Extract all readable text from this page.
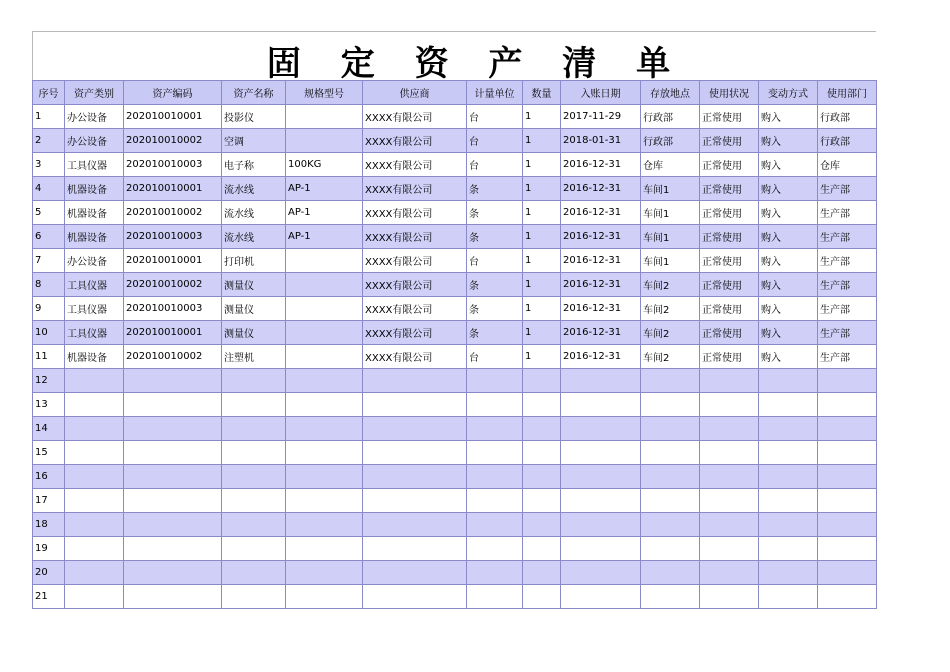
固 定 资 产 清 单
序号	资产类别	资产编码	资产名称	规格型号	供应商	计量单位	数量	入账日期	存放地点	使用状况	变动方式	使用部门
1	办公设备	202010010001	投影仪		XXXX有限公司	台	1	2017-11-29	行政部	正常使用	购入	行政部
2	办公设备	202010010002	空调		XXXX有限公司	台	1	2018-01-31	行政部	正常使用	购入	行政部
3	工具仪器	202010010003	电子称	100KG	XXXX有限公司	台	1	2016-12-31	仓库	正常使用	购入	仓库
4	机器设备	202010010001	流水线	AP-1	XXXX有限公司	条	1	2016-12-31	车间1	正常使用	购入	生产部
5	机器设备	202010010002	流水线	AP-1	XXXX有限公司	条	1	2016-12-31	车间1	正常使用	购入	生产部
6	机器设备	202010010003	流水线	AP-1	XXXX有限公司	条	1	2016-12-31	车间1	正常使用	购入	生产部
7	办公设备	202010010001	打印机		XXXX有限公司	台	1	2016-12-31	车间1	正常使用	购入	生产部
8	工具仪器	202010010002	测量仪		XXXX有限公司	条	1	2016-12-31	车间2	正常使用	购入	生产部
9	工具仪器	202010010003	测量仪		XXXX有限公司	条	1	2016-12-31	车间2	正常使用	购入	生产部
10	工具仪器	202010010001	测量仪		XXXX有限公司	条	1	2016-12-31	车间2	正常使用	购入	生产部
11	机器设备	202010010002	注塑机		XXXX有限公司	台	1	2016-12-31	车间2	正常使用	购入	生产部
12												
13												
14												
15												
16												
17												
18												
19												
20												
21												
